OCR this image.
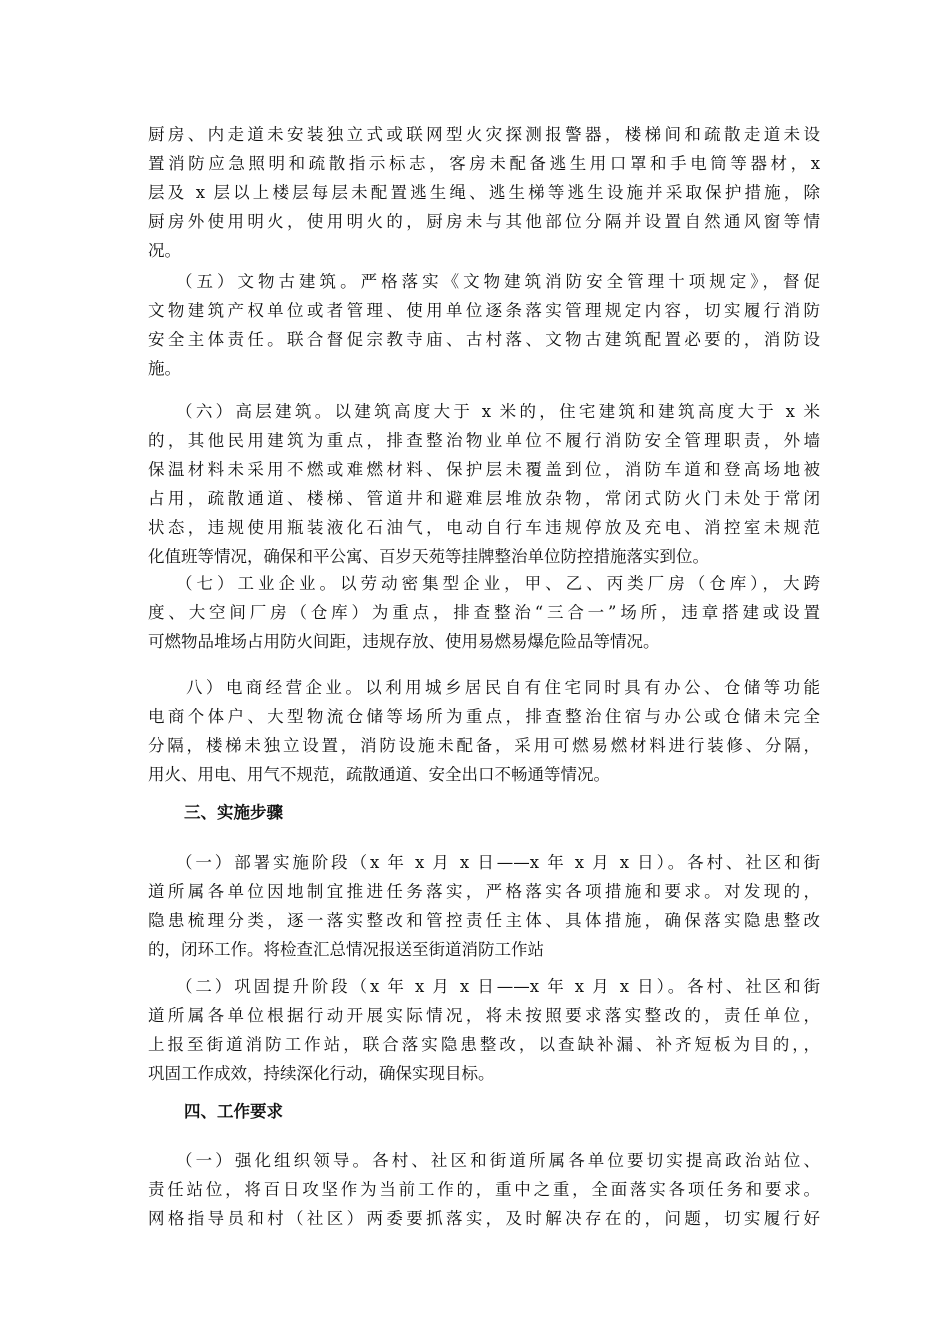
厨房、内走道未安装独立式或联网型火灾探测报警器，楼梯间和疏散走道未设
置消防应急照明和疏散指示标志，客房未配备逃生用口罩和手电筒等器材，x
层及 x 层以上楼层每层未配置逃生绳、逃生梯等逃生设施并采取保护措施，除
厨房外使用明火，使用明火的，厨房未与其他部位分隔并设置自然通风窗等情
况。
（五）文物古建筑。严格落实《文物建筑消防安全管理十项规定》，督促
文物建筑产权单位或者管理、使用单位逐条落实管理规定内容，切实履行消防
安全主体责任。联合督促宗教寺庙、古村落、文物古建筑配置必要的，消防设
施。
（六）高层建筑。以建筑高度大于 x 米的，住宅建筑和建筑高度大于 x 米
的，其他民用建筑为重点，排查整治物业单位不履行消防安全管理职责，外墙
保温材料未采用不燃或难燃材料、保护层未覆盖到位，消防车道和登高场地被
占用，疏散通道、楼梯、管道井和避难层堆放杂物，常闭式防火门未处于常闭
状态，违规使用瓶装液化石油气，电动自行车违规停放及充电、消控室未规范
化值班等情况，确保和平公寓、百岁天苑等挂牌整治单位防控措施落实到位。
（七）工业企业。以劳动密集型企业，甲、乙、丙类厂房（仓库），大跨
度、大空间厂房（仓库）为重点，排查整治“三合一”场所，违章搭建或设置
可燃物品堆场占用防火间距，违规存放、使用易燃易爆危险品等情况。
八）电商经营企业。以利用城乡居民自有住宅同时具有办公、仓储等功能
电商个体户、大型物流仓储等场所为重点，排查整治住宿与办公或仓储未完全
分隔，楼梯未独立设置，消防设施未配备，采用可燃易燃材料进行装修、分隔，
用火、用电、用气不规范，疏散通道、安全出口不畅通等情况。
三、实施步骤
（一）部署实施阶段（x 年 x 月 x 日——x 年 x 月 x 日）。各村、社区和街
道所属各单位因地制宜推进任务落实，严格落实各项措施和要求。对发现的，
隐患梳理分类，逐一落实整改和管控责任主体、具体措施，确保落实隐患整改
的，闭环工作。将检查汇总情况报送至街道消防工作站
（二）巩固提升阶段（x 年 x 月 x 日——x 年 x 月 x 日）。各村、社区和街
道所属各单位根据行动开展实际情况，将未按照要求落实整改的，责任单位，
上报至街道消防工作站，联合落实隐患整改，以查缺补漏、补齐短板为目的，，
巩固工作成效，持续深化行动，确保实现目标。
四、工作要求
（一）强化组织领导。各村、社区和街道所属各单位要切实提高政治站位、
责任站位，将百日攻坚作为当前工作的，重中之重，全面落实各项任务和要求。
网格指导员和村（社区）两委要抓落实，及时解决存在的，问题，切实履行好
